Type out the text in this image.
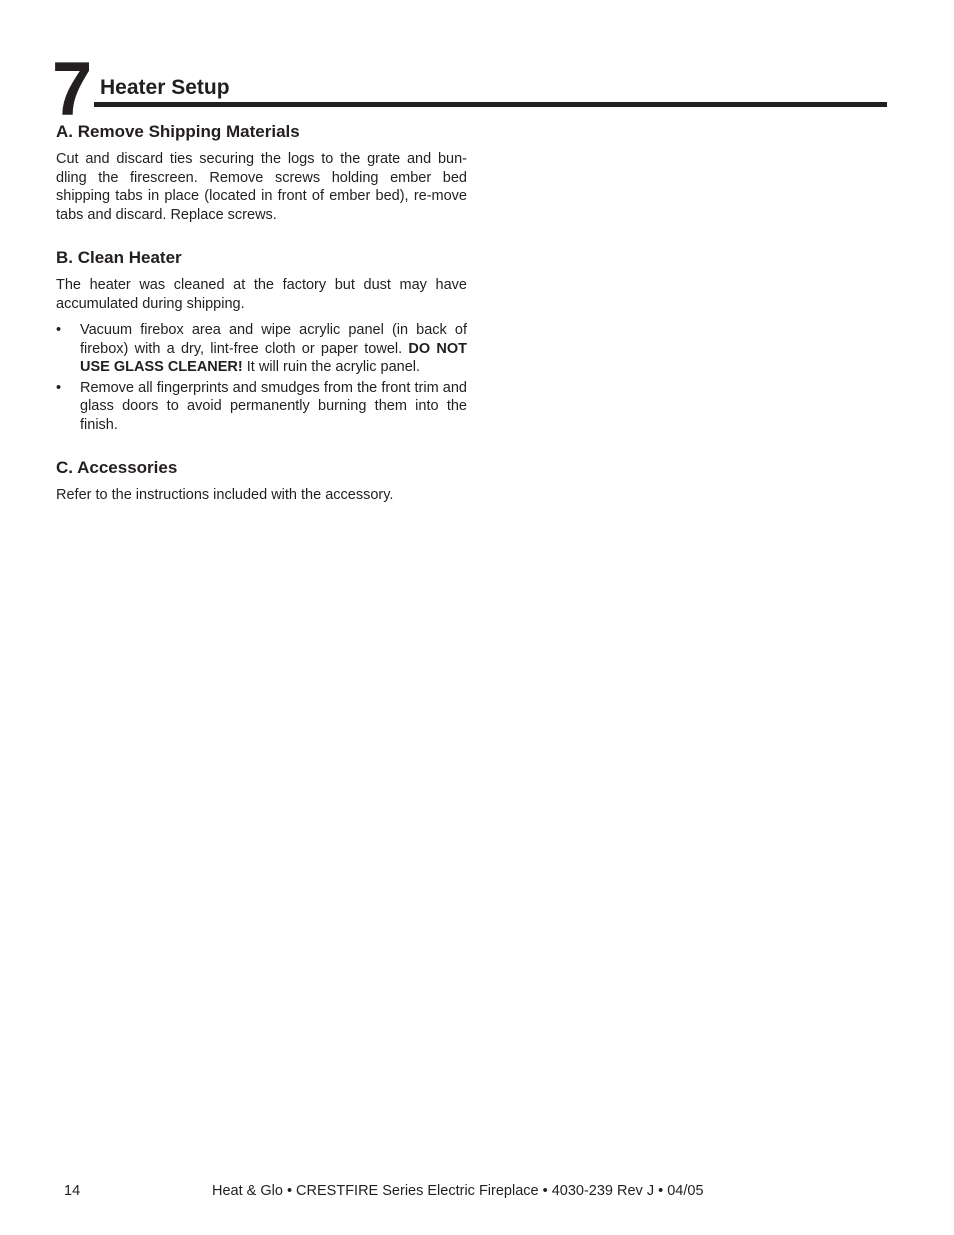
7 Heater Setup
A. Remove Shipping Materials

Cut and discard ties securing the logs to the grate and bun-dling the firescreen. Remove screws holding ember bed shipping tabs in place (located in front of ember bed), re-move tabs and discard. Replace screws.

B. Clean Heater

The heater was cleaned at the factory but dust may have accumulated during shipping.

• Vacuum firebox area and wipe acrylic panel (in back of firebox) with a dry, lint-free cloth or paper towel. DO NOT USE GLASS CLEANER! It will ruin the acrylic panel.
• Remove all fingerprints and smudges from the front trim and glass doors to avoid permanently burning them into the finish.
C. Accessories

Refer to the instructions included with the accessory.

14	Heat & Glo • CRESTFIRE Series Electric Fireplace • 4030-239 Rev J • 04/05
